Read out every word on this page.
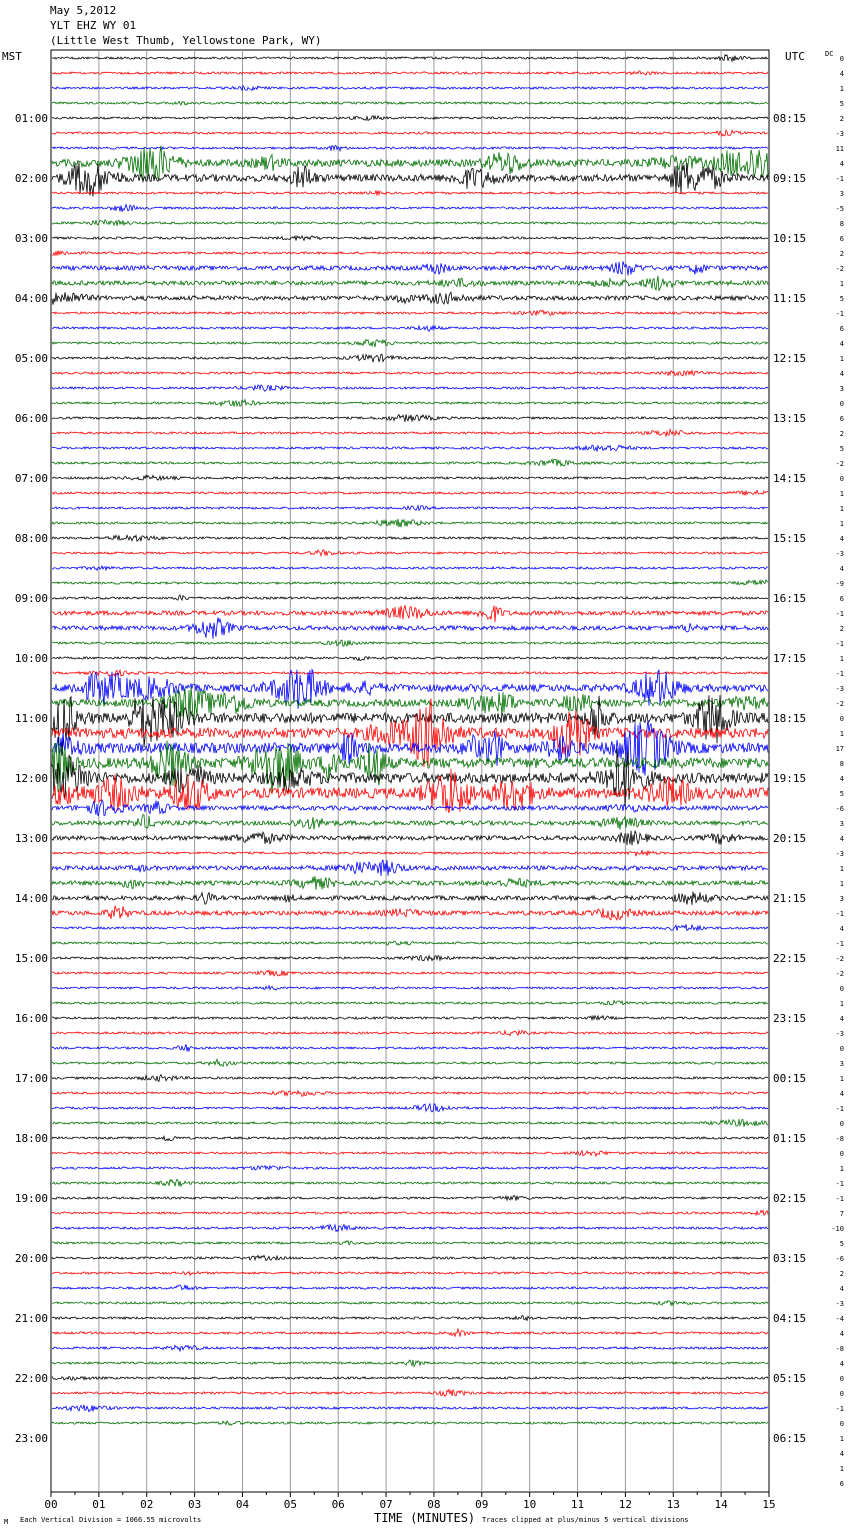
May 5,2012
YLT EHZ WY 01
(Little West Thumb, Yellowstone Park, WY)
MST	UTC	DC
01:00
02:00
03:00
04:00
05:00
06:00
07:00
08:00
09:00
10:00
11:00
12:00
13:00
14:00
15:00
16:00
17:00
18:00
19:00
20:00
21:00
22:00
23:00
08:15
09:15
10:15
11:15
12:15
13:15
14:15
15:15
16:15
17:15
18:15
19:15
20:15
21:15
22:15
23:15
00:15
01:15
02:15
03:15
04:15
05:15
06:15
0
4
1
5
2
-3
11
4
-1
3
-5
8
6
2
-2
1
5
-1
6
4
1
4
3
0
6
2
5
-2
0
1
1
1
4
-3
4
-9
6
-1
2
-1
1
-1
-3
-2
0
1
17
8
4
5
-6
3
4
-3
1
1
3
-1
4
-1
-2
-2
0
1
4
-3
0
3
1
4
-1
0
-8
0
1
-1
-1
7
-10
5
-6
2
4
-3
-4
4
-8
4
0
0
-1
0
1
4
1
6
00	01	02	03	04	05	06	07	08	09	10	11	12	13	14	15
TIME (MINUTES)
Each Vertical Division = 1066.55 microvolts	Traces clipped at plus/minus 5 vertical divisions
M
